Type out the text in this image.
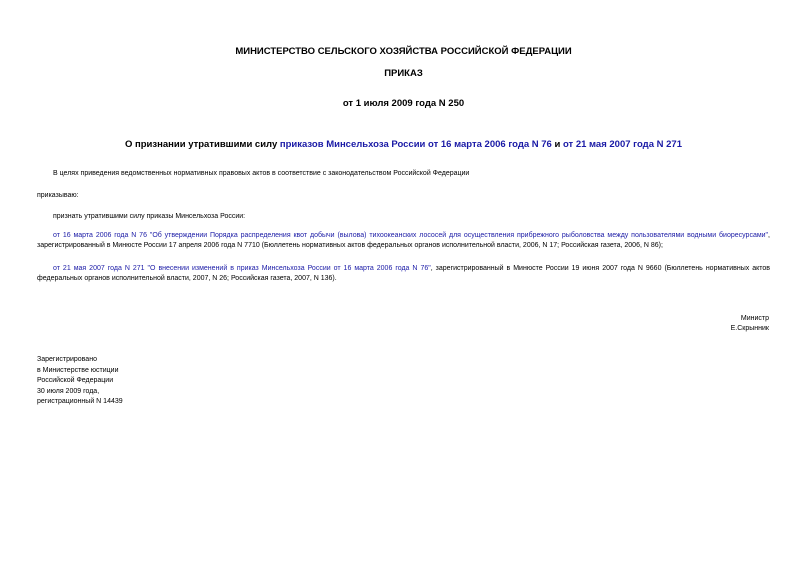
МИНИСТЕРСТВО СЕЛЬСКОГО ХОЗЯЙСТВА РОССИЙСКОЙ ФЕДЕРАЦИИ
ПРИКАЗ
от 1 июля 2009 года N 250
О признании утратившими силу приказов Минсельхоза России от 16 марта 2006 года N 76 и от 21 мая 2007 года N 271
В целях приведения ведомственных нормативных правовых актов в соответствие с законодательством Российской Федерации
приказываю:
признать утратившими силу приказы Минсельхоза России:
от 16 марта 2006 года N 76 "Об утверждении Порядка распределения квот добычи (вылова) тихоокеанских лососей для осуществления прибрежного рыболовства между пользователями водными биоресурсами", зарегистрированный в Минюсте России 17 апреля 2006 года N 7710 (Бюллетень нормативных актов федеральных органов исполнительной власти, 2006, N 17; Российская газета, 2006, N 86);
от 21 мая 2007 года N 271 "О внесении изменений в приказ Минсельхоза России от 16 марта 2006 года N 76", зарегистрированный в Минюсте России 19 июня 2007 года N 9660 (Бюллетень нормативных актов федеральных органов исполнительной власти, 2007, N 26; Российская газета, 2007, N 136).
Министр
Е.Скрынник
Зарегистрировано
в Министерстве юстиции
Российской Федерации
30 июля 2009 года,
регистрационный N 14439
